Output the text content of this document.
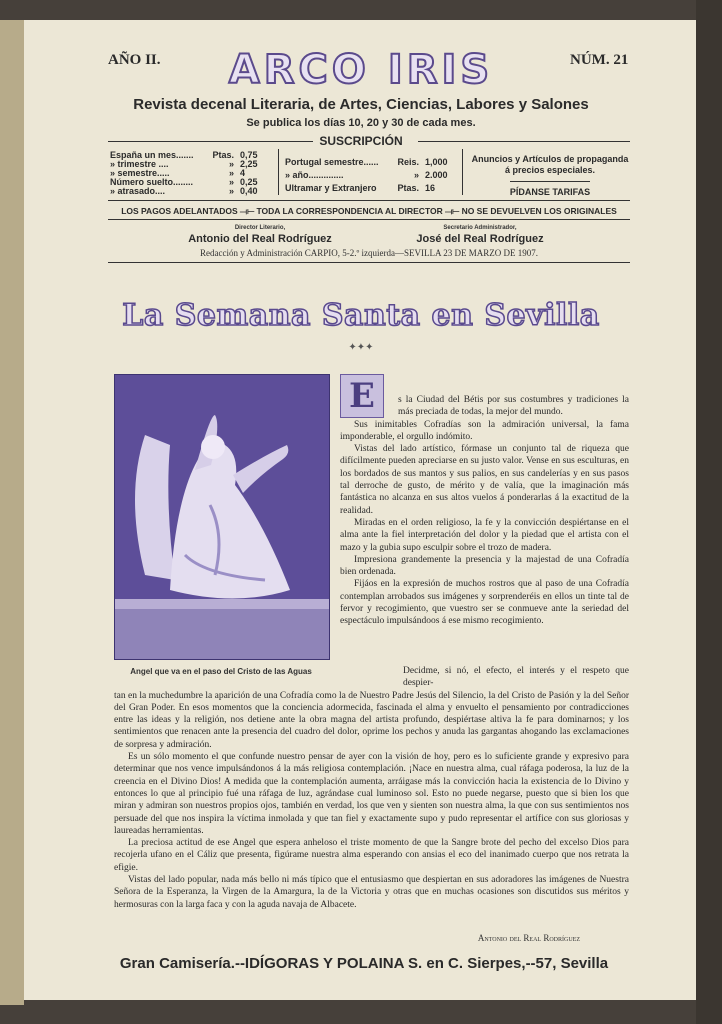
AÑO II.	ARCO IRIS	NÚM. 21
Revista decenal Literaria, de Artes, Ciencias, Labores y Salones
Se publica los días 10, 20 y 30 de cada mes.
SUSCRIPCIÓN
España un mes....... Ptas. 0,75
» trimestre ....	» 2,25
» semestre.....	» 4
Número suelto........	» 0,25
» atrasado....	» 0,40
Portugal semestre...... Reis. 1,000
» año..............	» 2.000
Ultramar y Extranjero Ptas. 16
Anuncios y Artículos de propaganda á precios especiales.
PÍDANSE TARIFAS
LOS PAGOS ADELANTADOS ⟞⟝ TODA LA CORRESPONDENCIA AL DIRECTOR ⟞⟝ NO SE DEVUELVEN LOS ORIGINALES
Director Literario,
Antonio del Real Rodríguez
Secretario Administrador,
José del Real Rodríguez
Redacción y Administración CARPIO, 5-2.º izquierda—SEVILLA 23 DE MARZO DE 1907.
La Semana Santa en Sevilla
✦✦✦
Angel que va en el paso del Cristo de las Aguas
E	s la Ciudad del Bétis por sus costumbres y tradiciones la más preciada de todas, la mejor del mundo.

Sus inimitables Cofradías son la admiración universal, la fama imponderable, el orgullo indómito.

Vistas del lado artístico, fórmase un conjunto tal de riqueza que difícilmente pueden apreciarse en su justo valor. Vense en sus esculturas, en los bordados de sus mantos y sus palios, en sus candelerías y en sus pasos tal derroche de gusto, de mérito y de valía, que la imaginación más fantástica no alcanza en sus altos vuelos á ponderarlas á la exactitud de la realidad.

Miradas en el orden religioso, la fe y la convicción despiértanse en el alma ante la fiel interpretación del dolor y la piedad que el artista con el mazo y la gubia supo esculpir sobre el trozo de madera.

Impresiona grandemente la presencia y la majestad de una Cofradía bien ordenada.

Fijáos en la expresión de muchos rostros que al paso de una Cofradía contemplan arrobados sus imágenes y sorprenderéis en ellos un tinte tal de fervor y recogimiento, que vuestro ser se conmueve ante la seriedad del espectáculo impulsándoos á ese mismo recogimiento.

Decidme, si nó, el efecto, el interés y el respeto que despier-

tan en la muchedumbre la aparición de una Cofradía como la de Nuestro Padre Jesús del Silencio, la del Cristo de Pasión y la del Señor del Gran Poder. En esos momentos que la conciencia adormecida, fascinada el alma y envuelto el pensamiento por contradicciones entre las ideas y la religión, nos detiene ante la obra magna del artista profundo, despiértase altiva la fe para dominarnos; y los sentimientos que renacen ante la presencia del cuadro del dolor, oprime los pechos y anuda las gargantas ahogando las exclamaciones de sorpresa y admiración.

Es un sólo momento el que confunde nuestro pensar de ayer con la visión de hoy, pero es lo suficiente grande y expresivo para determinar que nos vence impulsándonos á la más religiosa contemplación. ¡Nace en nuestra alma, cual ráfaga poderosa, la luz de la creencia en el Divino Dios! A medida que la contemplación aumenta, arráigase más la convicción hacia la existencia de lo Divino y entonces lo que al principio fué una ráfaga de luz, agrándase cual luminoso sol. Esto no puede negarse, puesto que si bien los que miran y admiran son nuestros propios ojos, también en verdad, los que ven y sienten son nuestra alma, la que con sus sentimientos nos persuade del que nos inspira la víctima inmolada y que tan fiel y exactamente supo y pudo representar el artífice con sus gloriosas y laureadas herramientas.

La preciosa actitud de ese Angel que espera anheloso el triste momento de que la Sangre brote del pecho del excelso Dios para recojerla ufano en el Cáliz que presenta, figúrame nuestra alma esperando con ansias el eco del inanimado cuerpo que nos retrata la efigie.

Vistas del lado popular, nada más bello ni más típico que el entusiasmo que despiertan en sus adoradores las imágenes de Nuestra Señora de la Esperanza, la Virgen de la Amargura, la de la Victoria y otras que en muchas ocasiones son discutidos sus méritos y hermosuras con la larga faca y con la aguda navaja de Albacete.

Antonio del Real Rodríguez
Gran Camisería.--IDÍGORAS Y POLAINA S. en C. Sierpes,--57, Sevilla
